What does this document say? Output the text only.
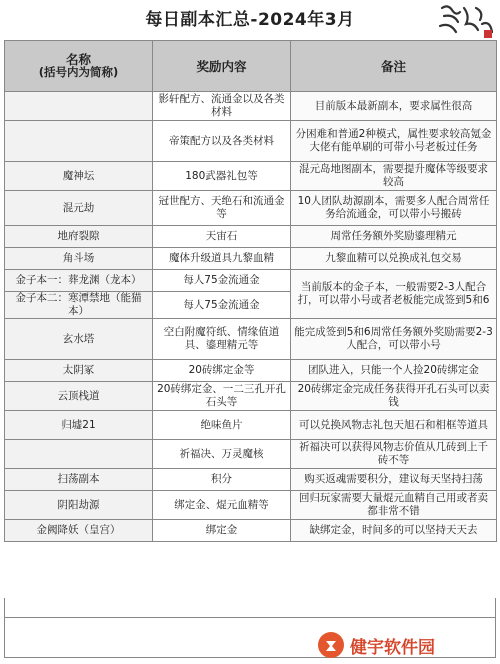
每日副本汇总-2024年3月
名称
(括号内为简称)	奖励内容	备注
	影轩配方、流通金以及各类材料	目前版本最新副本，要求属性很高
	帝策配方以及各类材料	分困难和普通2种模式，属性要求较高氪金大佬有能单刷的可带小号老板过任务
魔神坛	180武器礼包等	混元岛地图副本，需要提升魔体等级要求较高
混元劫	冠世配方、天绝石和流通金等	10人团队劫源副本，需要多人配合周常任务给流通金，可以带小号搬砖
地府裂隙	天宙石	周常任务额外奖励鎏理精元
角斗场	魔体升级道具九黎血精	九黎血精可以兑换成礼包交易
金子本一：葬龙渊（龙本）	每人75金流通金	当前版本的金子本，一般需要2-3人配合打，可以带小号或者老板能完成签到5和6
金子本二：寒潭禁地（能猫本）	每人75金流通金	
玄水塔	空白附魔符纸、情缘值道具、鎏理精元等	能完成签到5和6周常任务额外奖励需要2-3人配合，可以带小号
太阴冢	20砖绑定金等	团队进入，只能一个人捡20砖绑定金
云顶栈道	20砖绑定金、一二三孔开孔石头等	20砖绑定金完成任务获得开孔石头可以卖钱
归墟21	绝味鱼片	可以兑换风物志礼包天旭石和相框等道具
	祈福决、万灵魔核	祈福决可以获得风物志价值从几砖到上千砖不等
扫荡副本	积分	购买返魂需要积分，建议每天坚持扫荡
阴阳劫源	绑定金、焜元血精等	回归玩家需要大量焜元血精自己用或者卖都非常不错
金阙降妖（皇宫）	绑定金	缺绑定金，时间多的可以坚持天天去
健宇软件园
